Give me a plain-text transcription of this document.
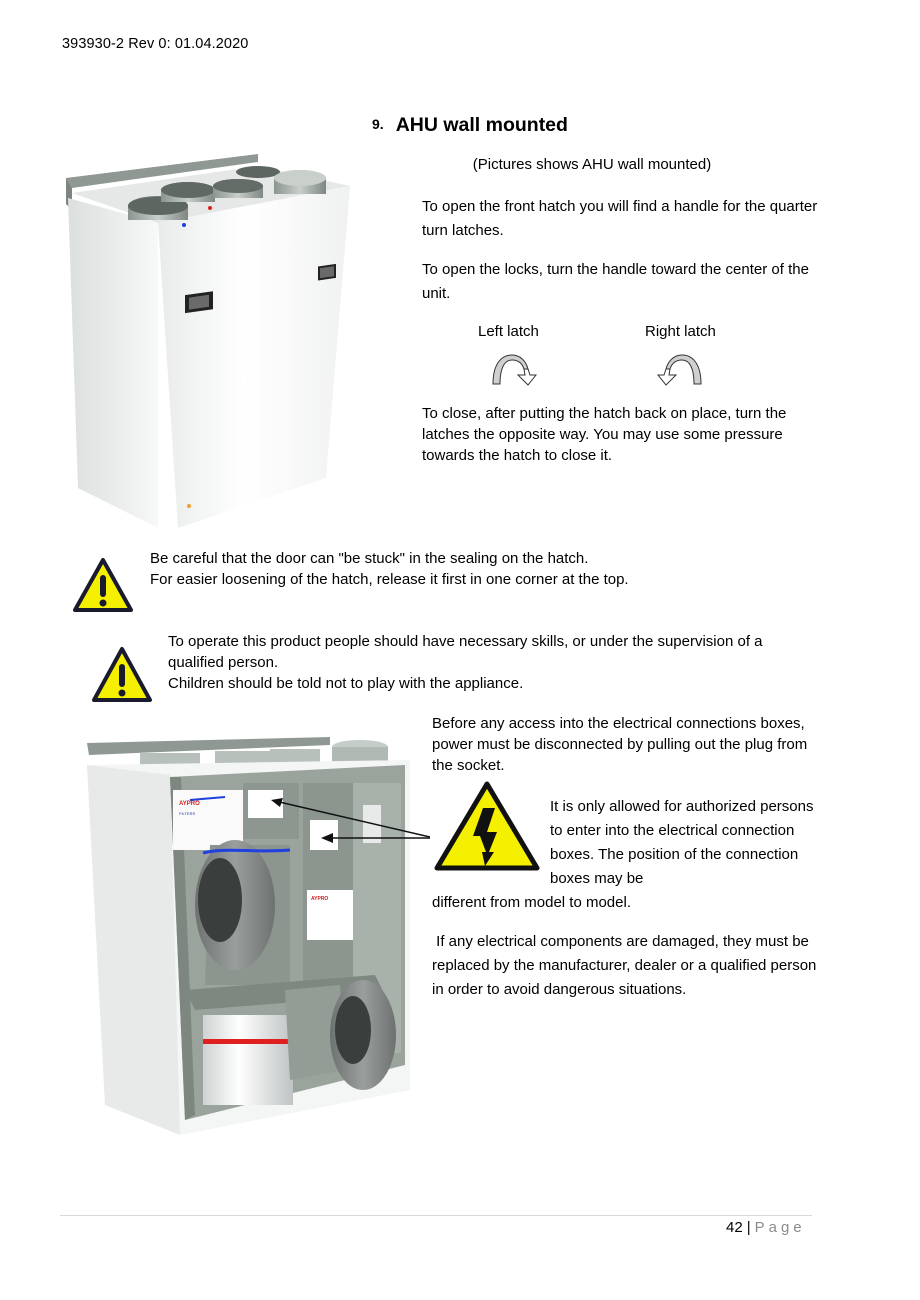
393930-2 Rev 0: 01.04.2020
9. AHU wall mounted
(Pictures shows AHU wall mounted)
To open the front hatch you will find a handle for the quarter turn latches.
To open the locks, turn the handle toward the center of the unit.
Left latch	Right latch
To close, after putting the hatch back on place, turn the latches the opposite way. You may use some pressure towards the hatch to close it.
Be careful that the door can "be stuck" in the sealing on the hatch.
For easier loosening of the hatch, release it first in one corner at the top.
To operate this product people should have necessary skills, or under the supervision of a qualified person.
Children should be told not to play with the appliance.
AYPRO
FILTERS
AYPRO
Before any access into the electrical connections boxes, power must be disconnected by pulling out the plug from the socket.
It is only allowed for authorized persons to enter into the electrical connection boxes. The position of the connection boxes may be
different from model to model.
If any electrical components are damaged, they must be replaced by the manufacturer, dealer or a qualified person in order to avoid dangerous situations.
42 | Page
